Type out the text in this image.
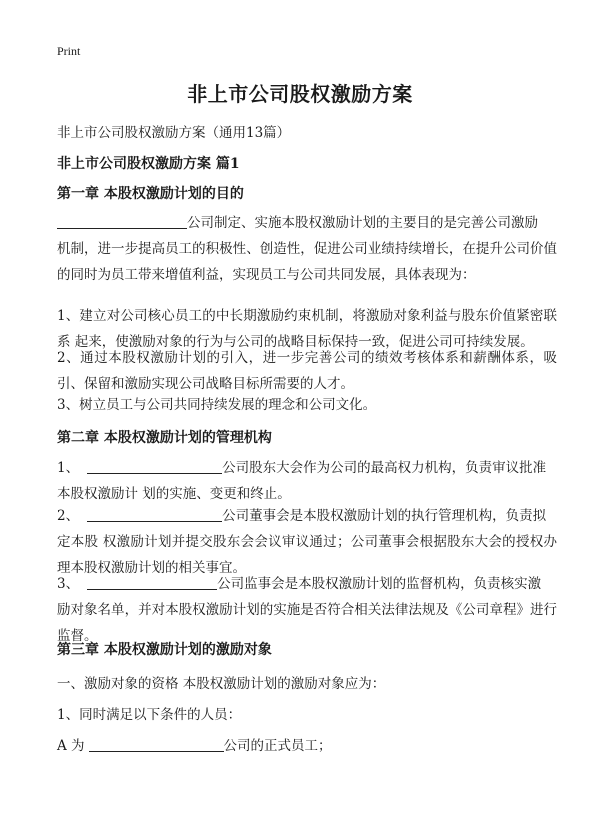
Print
非上市公司股权激励方案
非上市公司股权激励方案（通用13篇）
非上市公司股权激励方案 篇1
第一章 本股权激励计划的目的
公司制定、实施本股权激励计划的主要目的是完善公司激励
机制，进一步提高员工的积极性、创造性，促进公司业绩持续增长，在提升公司价值的同时为员工带来增值利益，实现员工与公司共同发展，具体表现为：
1、建立对公司核心员工的中长期激励约束机制，将激励对象利益与股东价值紧密联系 起来，使激励对象的行为与公司的战略目标保持一致，促进公司可持续发展。
2、通过本股权激励计划的引入，进一步完善公司的绩效考核体系和薪酬体系，吸引、保留和激励实现公司战略目标所需要的人才。
3、树立员工与公司共同持续发展的理念和公司文化。
第二章 本股权激励计划的管理机构
1、	公司股东大会作为公司的最高权力机构，负责审议批准
本股权激励计 划的实施、变更和终止。
2、	公司董事会是本股权激励计划的执行管理机构，负责拟
定本股 权激励计划并提交股东会会议审议通过；公司董事会根据股东大会的授权办理本股权激励计划的相关事宜。
3、	公司监事会是本股权激励计划的监督机构，负责核实激
励对象名单，并对本股权激励计划的实施是否符合相关法律法规及《公司章程》进行监督。
第三章 本股权激励计划的激励对象
一、激励对象的资格 本股权激励计划的激励对象应为：
1、同时满足以下条件的人员：
A 为	公司的正式员工；
